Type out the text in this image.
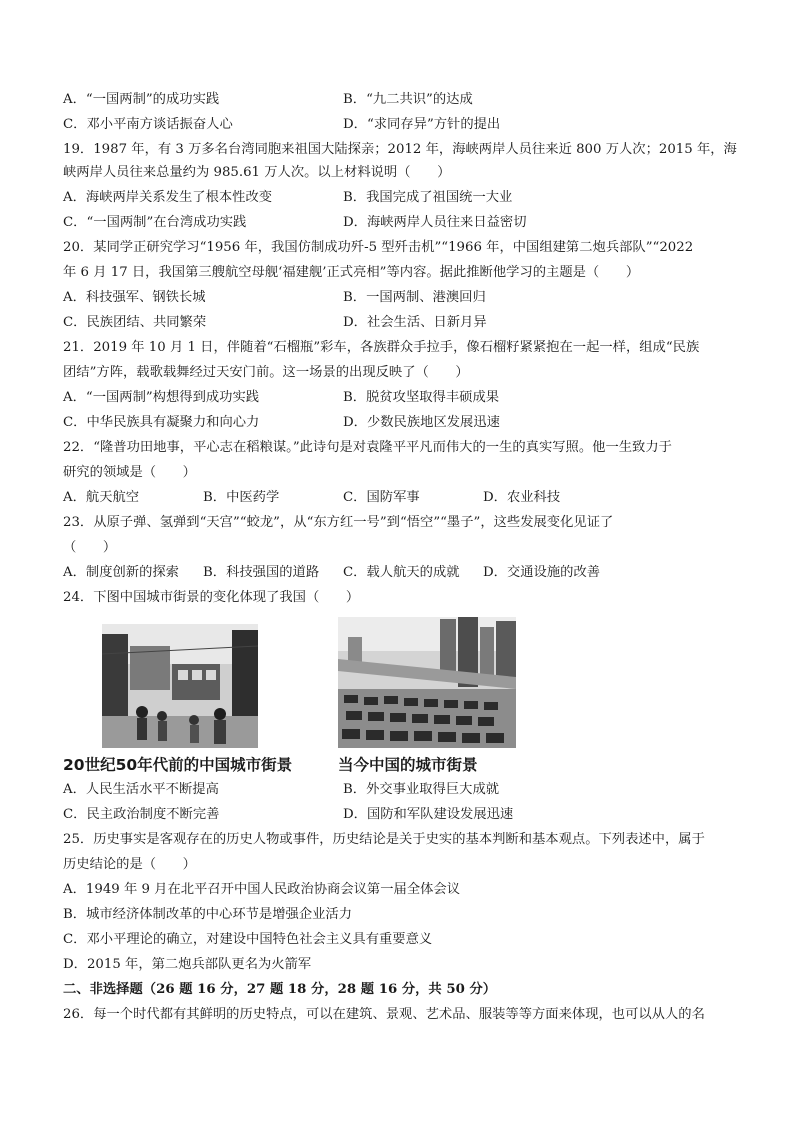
A．“一国两制”的成功实践	B．“九二共识”的达成
C．邓小平南方谈话振奋人心	D．“求同存异”方针的提出
19．1987 年，有 3 万多名台湾同胞来祖国大陆探亲；2012 年，海峡两岸人员往来近 800 万人次；2015 年，海
峡两岸人员往来总量约为 985.61 万人次。以上材料说明（　　）
A．海峡两岸关系发生了根本性改变	B．我国完成了祖国统一大业
C．“一国两制”在台湾成功实践	D．海峡两岸人员往来日益密切
20．某同学正研究学习“1956 年，我国仿制成功歼-5 型歼击机”“1966 年，中国组建第二炮兵部队”“2022
年 6 月 17 日，我国第三艘航空母舰‘福建舰’正式亮相”等内容。据此推断他学习的主题是（　　）
A．科技强军、钢铁长城	B．一国两制、港澳回归
C．民族团结、共同繁荣	D．社会生活、日新月异
21．2019 年 10 月 1 日，伴随着“石榴瓶”彩车，各族群众手拉手，像石榴籽紧紧抱在一起一样，组成“民族
团结”方阵，载歌载舞经过天安门前。这一场景的出现反映了（　　）
A．“一国两制”构想得到成功实践	B．脱贫攻坚取得丰硕成果
C．中华民族具有凝聚力和向心力	D．少数民族地区发展迅速
22．“隆普功田地事，平心志在稻粮谋。”此诗句是对袁隆平平凡而伟大的一生的真实写照。他一生致力于
研究的领域是（　　）
A．航天航空	B．中医药学	C．国防军事	D．农业科技
23．从原子弹、氢弹到“天宫”“蛟龙”，从“东方红一号”到“悟空”“墨子”，这些发展变化见证了
（　　）
A．制度创新的探索 B．科技强国的道路 C．载人航天的成就 D．交通设施的改善
24．下图中国城市街景的变化体现了我国（　　）
20世纪50年代前的中国城市街景	当今中国的城市街景
A．人民生活水平不断提高	B．外交事业取得巨大成就
C．民主政治制度不断完善	D．国防和军队建设发展迅速
25．历史事实是客观存在的历史人物或事件，历史结论是关于史实的基本判断和基本观点。下列表述中，属于
历史结论的是（　　）
A．1949 年 9 月在北平召开中国人民政治协商会议第一届全体会议
B．城市经济体制改革的中心环节是增强企业活力
C．邓小平理论的确立，对建设中国特色社会主义具有重要意义
D．2015 年，第二炮兵部队更名为火箭军
二、非选择题（26 题 16 分，27 题 18 分，28 题 16 分，共 50 分）
26．每一个时代都有其鲜明的历史特点，可以在建筑、景观、艺术品、服装等等方面来体现，也可以从人的名
